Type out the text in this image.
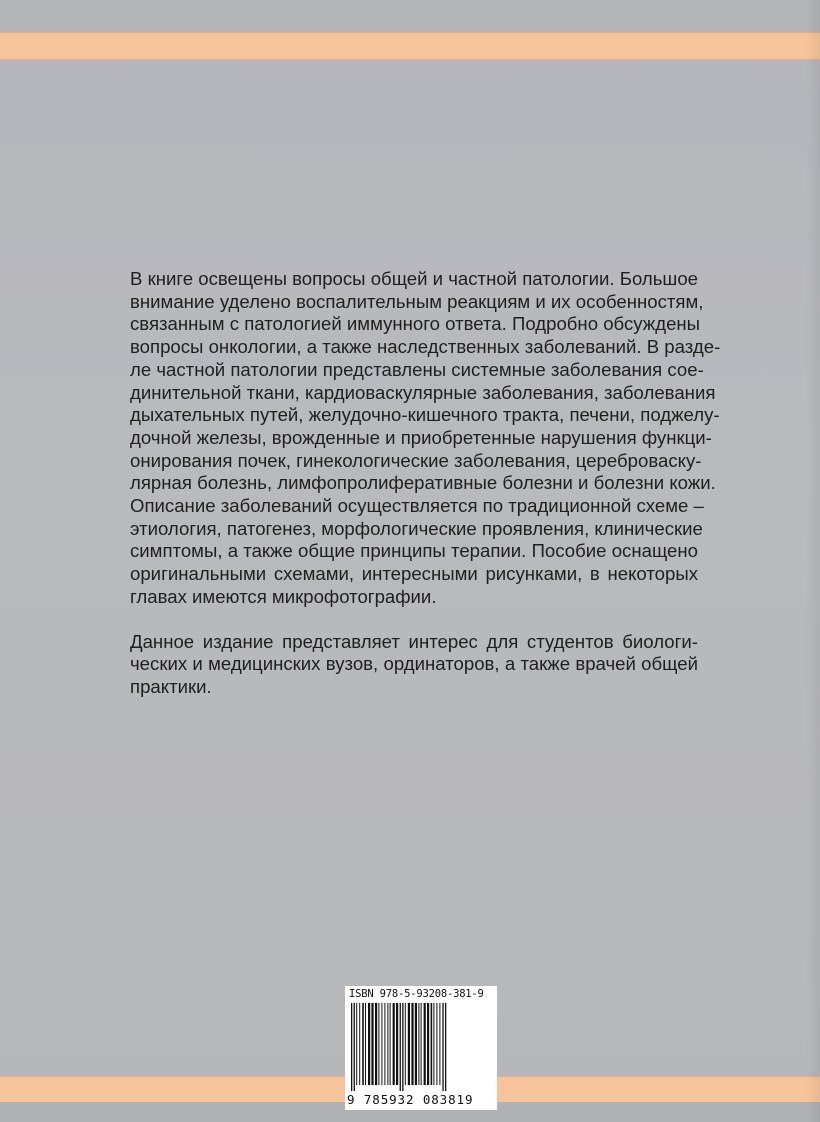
В книге освещены вопросы общей и частной патологии. Большое
внимание уделено воспалительным реакциям и их особенностям,
связанным с патологией иммунного ответа. Подробно обсуждены
вопросы онкологии, а также наследственных заболеваний. В разде-
ле частной патологии представлены системные заболевания сое-
динительной ткани, кардиоваскулярные заболевания, заболевания
дыхательных путей, желудочно-кишечного тракта, печени, поджелу-
дочной железы, врожденные и приобретенные нарушения функци-
онирования почек, гинекологические заболевания, цереброваску-
лярная болезнь, лимфопролиферативные болезни и болезни кожи.
Описание заболеваний осуществляется по традиционной схеме –
этиология, патогенез, морфологические проявления, клинические
симптомы, а также общие принципы терапии. Пособие оснащено
оригинальными схемами, интересными рисунками, в некоторых
главах имеются микрофотографии.
Данное издание представляет интерес для студентов биологи-
ческих и медицинских вузов, ординаторов, а также врачей общей
практики.
ISBN 978-5-93208-381-9
9 785932 083819
